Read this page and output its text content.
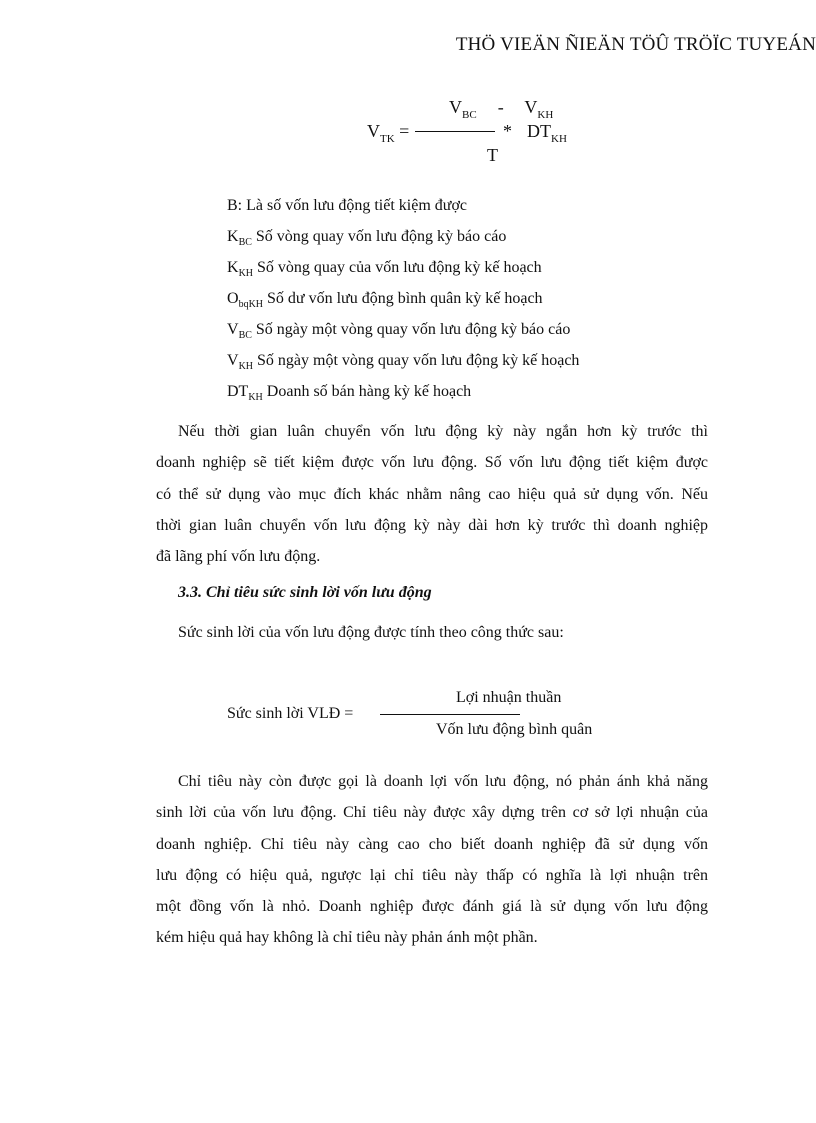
THÖ VIEÄN ÑIEÄN TÖÛ TRÖÏC TUYEÁN
$V_{BC} - V_{KH}$
$V_{TK}$ =	* $DT_{KH}$
T
B: Là số vốn lưu động tiết kiệm được
$K_{BC}$ Số vòng quay vốn lưu động kỳ báo cáo
$K_{KH}$ Số vòng quay của vốn lưu động kỳ kế hoạch
$O_{bqKH}$ Số dư vốn lưu động bình quân kỳ kế hoạch
$V_{BC}$ Số ngày một vòng quay vốn lưu động kỳ báo cáo
$V_{KH}$ Số ngày một vòng quay vốn lưu động kỳ kế hoạch
$DT_{KH}$ Doanh số bán hàng kỳ kế hoạch
Nếu thời gian luân chuyển vốn lưu động kỳ này ngắn hơn kỳ trước thì
doanh nghiệp sẽ tiết kiệm được vốn lưu động. Số vốn lưu động tiết kiệm được
có thể sử dụng vào mục đích khác nhằm nâng cao hiệu quả sử dụng vốn. Nếu
thời gian luân chuyển vốn lưu động kỳ này dài hơn kỳ trước thì doanh nghiệp
đã lãng phí vốn lưu động.
3.3. Chỉ tiêu sức sinh lời vốn lưu động
Sức sinh lời của vốn lưu động được tính theo công thức sau:
Lợi nhuận thuần
Sức sinh lời VLĐ =
Vốn lưu động bình quân
Chỉ tiêu này còn được gọi là doanh lợi vốn lưu động, nó phản ánh khả năng
sinh lời của vốn lưu động. Chỉ tiêu này được xây dựng trên cơ sở lợi nhuận của
doanh nghiệp. Chỉ tiêu này càng cao cho biết doanh nghiệp đã sử dụng vốn
lưu động có hiệu quả, ngược lại chỉ tiêu này thấp có nghĩa là lợi nhuận trên
một đồng vốn là nhỏ. Doanh nghiệp được đánh giá là sử dụng vốn lưu động
kém hiệu quả hay không là chỉ tiêu này phản ánh một phần.
